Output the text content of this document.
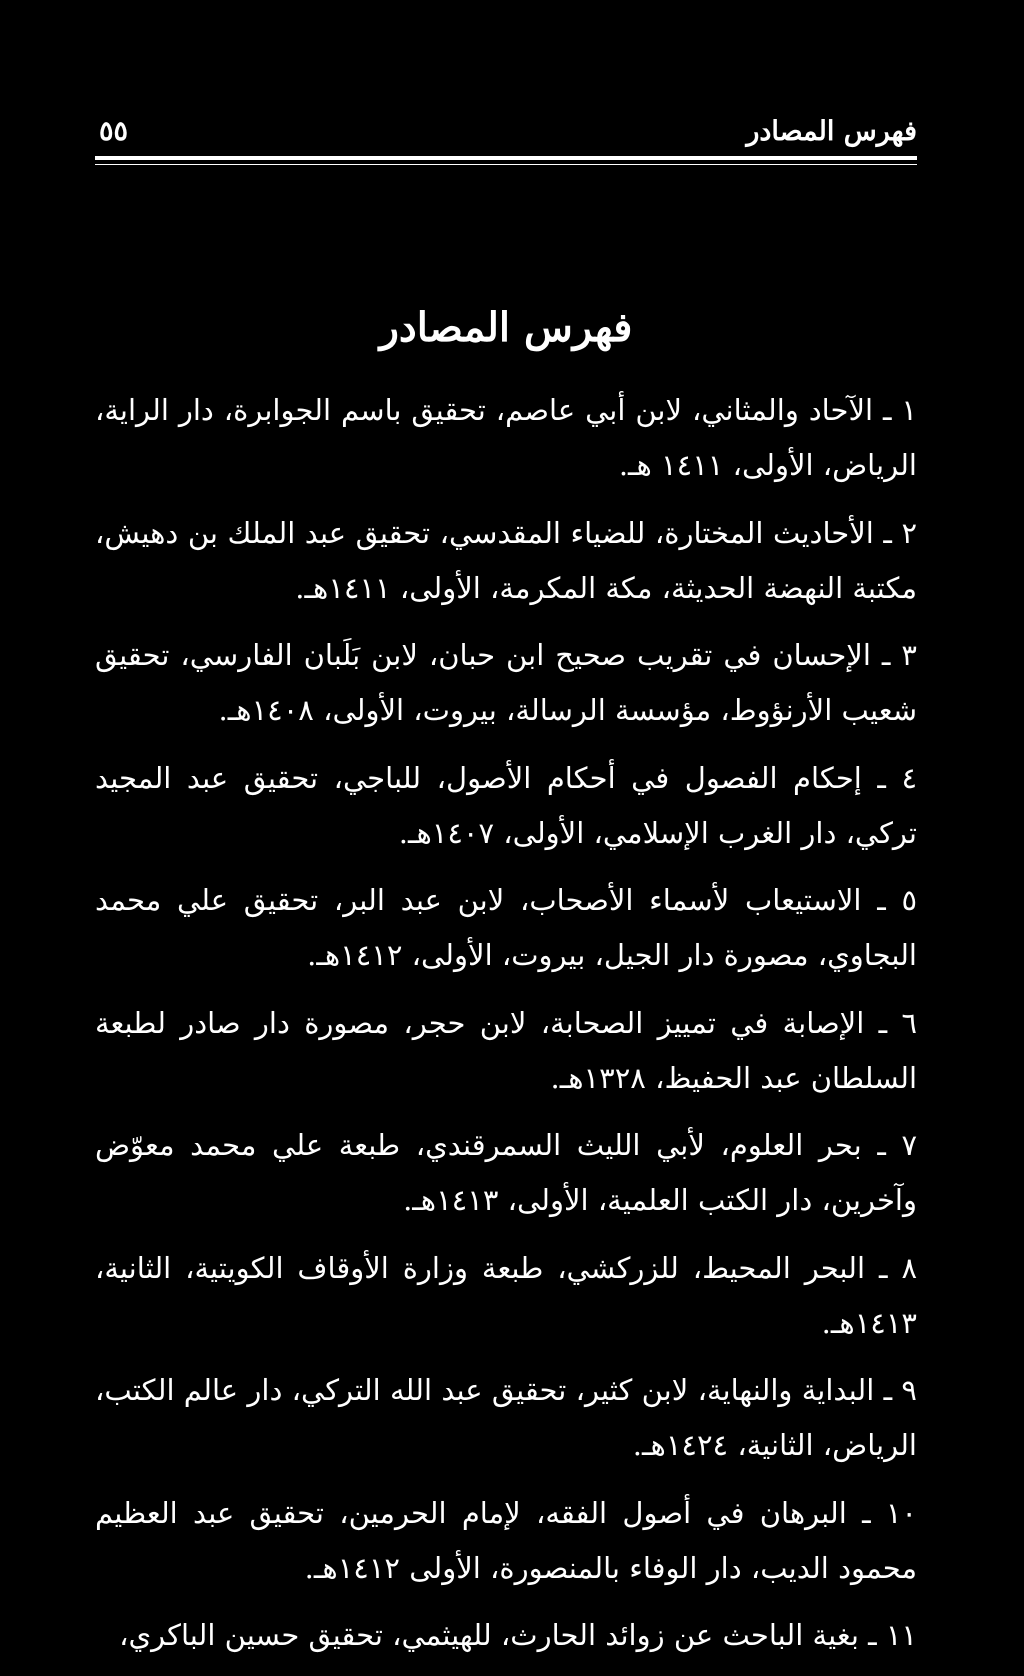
فهرس المصادر
٥٥
فهرس المصادر
١ ـ الآحاد والمثاني، لابن أبي عاصم، تحقيق باسم الجوابرة، دار الراية، الرياض، الأولى، ١٤١١ هـ.
٢ ـ الأحاديث المختارة، للضياء المقدسي، تحقيق عبد الملك بن دهيش، مكتبة النهضة الحديثة، مكة المكرمة، الأولى، ١٤١١هـ.
٣ ـ الإحسان في تقريب صحيح ابن حبان، لابن بَلَبان الفارسي، تحقيق شعيب الأرنؤوط، مؤسسة الرسالة، بيروت، الأولى، ١٤٠٨هـ.
٤ ـ إحكام الفصول في أحكام الأصول، للباجي، تحقيق عبد المجيد تركي، دار الغرب الإسلامي، الأولى، ١٤٠٧هـ.
٥ ـ الاستيعاب لأسماء الأصحاب، لابن عبد البر، تحقيق علي محمد البجاوي، مصورة دار الجيل، بيروت، الأولى، ١٤١٢هـ.
٦ ـ الإصابة في تمييز الصحابة، لابن حجر، مصورة دار صادر لطبعة السلطان عبد الحفيظ، ١٣٢٨هـ.
٧ ـ بحر العلوم، لأبي الليث السمرقندي، طبعة علي محمد معوّض وآخرين، دار الكتب العلمية، الأولى، ١٤١٣هـ.
٨ ـ البحر المحيط، للزركشي، طبعة وزارة الأوقاف الكويتية، الثانية، ١٤١٣هـ.
٩ ـ البداية والنهاية، لابن كثير، تحقيق عبد الله التركي، دار عالم الكتب، الرياض، الثانية، ١٤٢٤هـ.
١٠ ـ البرهان في أصول الفقه، لإمام الحرمين، تحقيق عبد العظيم محمود الديب، دار الوفاء بالمنصورة، الأولى ١٤١٢هـ.
١١ ـ بغية الباحث عن زوائد الحارث، للهيثمي، تحقيق حسين الباكري،
